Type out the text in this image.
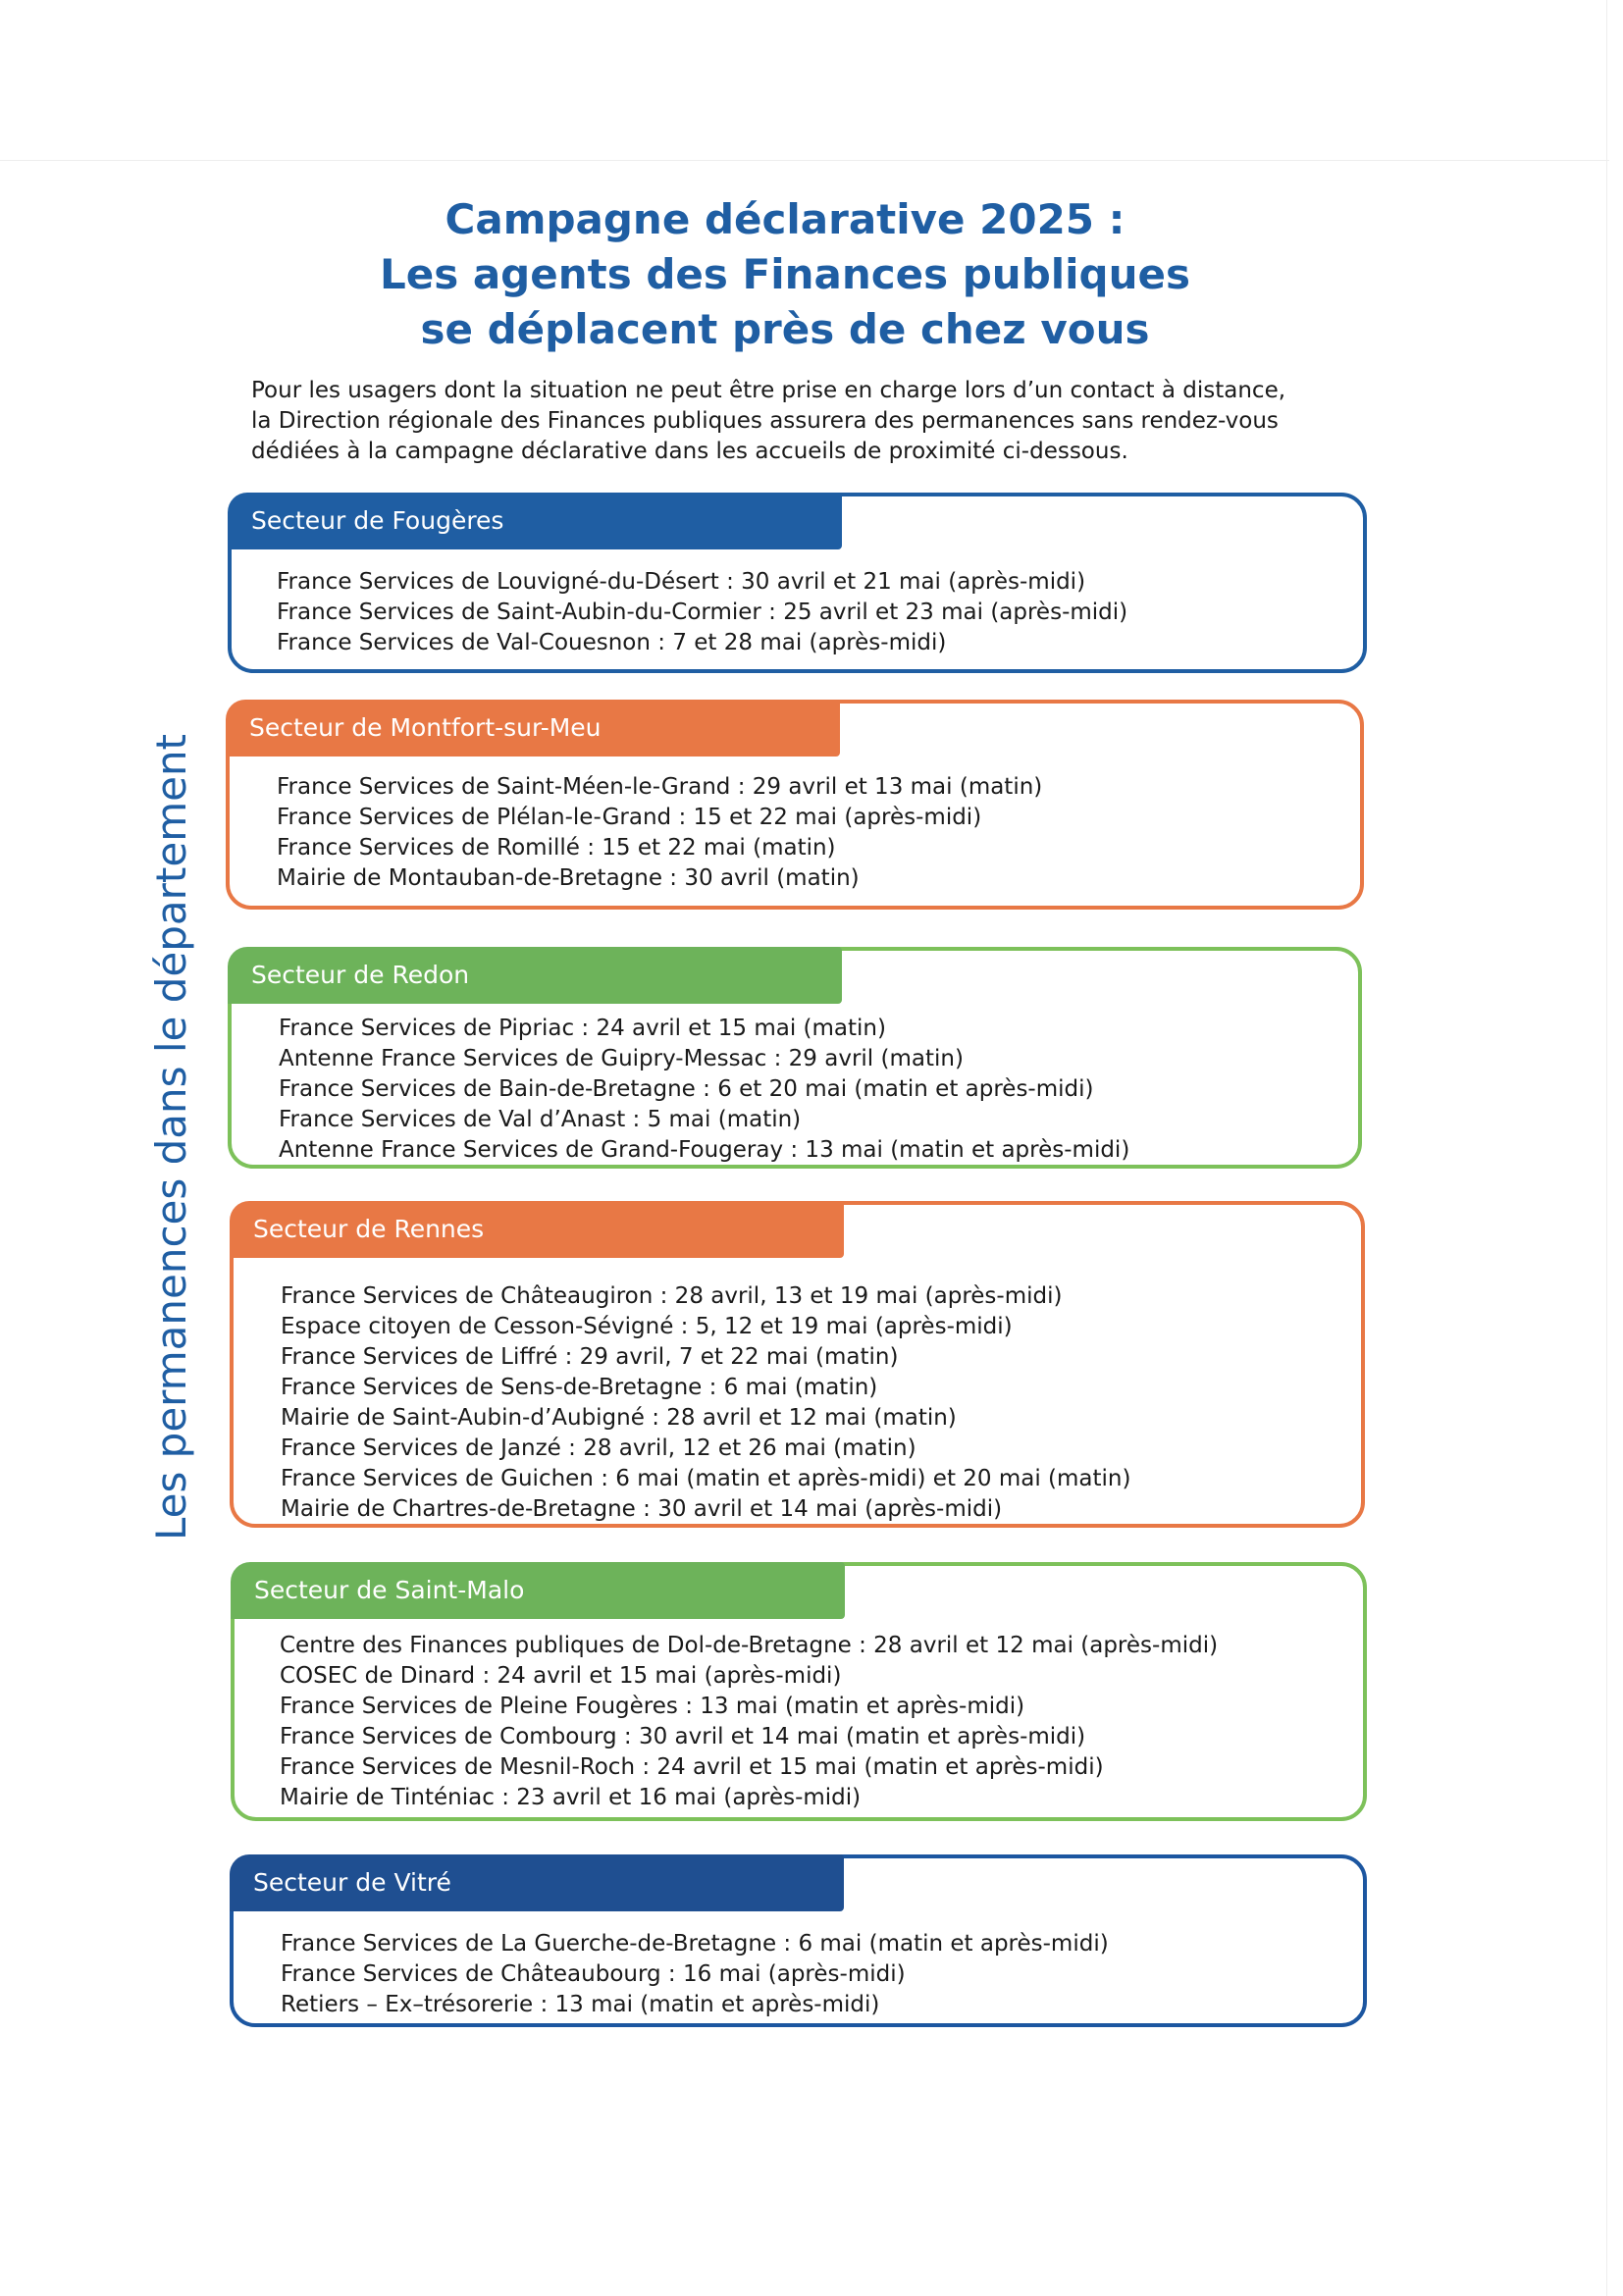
Campagne déclarative 2025 :
Les agents des Finances publiques
se déplacent près de chez vous

Pour les usagers dont la situation ne peut être prise en charge lors d’un contact à distance,
la Direction régionale des Finances publiques assurera des permanences sans rendez-vous
dédiées à la campagne déclarative dans les accueils de proximité ci-dessous.

Les permanences dans le département
Secteur de Fougères
France Services de Louvigné-du-Désert : 30 avril et 21 mai (après-midi)
France Services de Saint-Aubin-du-Cormier : 25 avril et 23 mai (après-midi)
France Services de Val-Couesnon : 7 et 28 mai (après-midi)
Secteur de Montfort-sur-Meu
France Services de Saint-Méen-le-Grand : 29 avril et 13 mai (matin)
France Services de Plélan-le-Grand : 15 et 22 mai (après-midi)
France Services de Romillé : 15 et 22 mai (matin)
Mairie de Montauban-de-Bretagne : 30 avril (matin)
Secteur de Redon
France Services de Pipriac : 24 avril et 15 mai (matin)
Antenne France Services de Guipry-Messac : 29 avril (matin)
France Services de Bain-de-Bretagne : 6 et 20 mai (matin et après-midi)
France Services de Val d’Anast : 5 mai (matin)
Antenne France Services de Grand-Fougeray : 13 mai (matin et après-midi)
Secteur de Rennes
France Services de Châteaugiron : 28 avril, 13 et 19 mai (après-midi)
Espace citoyen de Cesson-Sévigné : 5, 12 et 19 mai (après-midi)
France Services de Liffré : 29 avril, 7 et 22 mai (matin)
France Services de Sens-de-Bretagne : 6 mai (matin)
Mairie de Saint-Aubin-d’Aubigné : 28 avril et 12 mai (matin)
France Services de Janzé : 28 avril, 12 et 26 mai (matin)
France Services de Guichen : 6 mai (matin et après-midi) et 20 mai (matin)
Mairie de Chartres-de-Bretagne : 30 avril et 14 mai (après-midi)
Secteur de Saint-Malo
Centre des Finances publiques de Dol-de-Bretagne : 28 avril et 12 mai (après-midi)
COSEC de Dinard : 24 avril et 15 mai (après-midi)
France Services de Pleine Fougères : 13 mai (matin et après-midi)
France Services de Combourg : 30 avril et 14 mai (matin et après-midi)
France Services de Mesnil-Roch : 24 avril et 15 mai (matin et après-midi)
Mairie de Tinténiac : 23 avril et 16 mai (après-midi)
Secteur de Vitré
France Services de La Guerche-de-Bretagne : 6 mai (matin et après-midi)
France Services de Châteaubourg : 16 mai (après-midi)
Retiers – Ex–trésorerie : 13 mai (matin et après-midi)
